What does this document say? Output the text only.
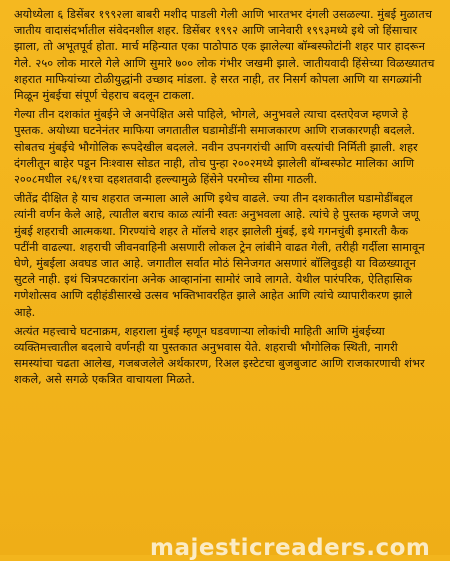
अयोध्येला ६ डिसेंबर १९९२ला बाबरी मशीद पाडली गेली आणि भारतभर दंगली उसळल्या. मुंबई मुळातच जातीय वादासंदर्भातील संवेदनशील शहर. डिसेंबर १९९२ आणि जानेवारी १९९३मध्ये इथे जो हिंसाचार झाला, तो अभूतपूर्व होता. मार्च महिन्यात एका पाठोपाठ एक झालेल्या बॉम्बस्फोटांनी शहर पार हादरून गेले. २५० लोक मारले गेले आणि सुमारे ७०० लोक गंभीर जखमी झाले. जातीयवादी हिंसेच्या विळख्यातच शहरात माफियांच्या टोळीयुद्धांनी उच्छाद मांडला. हे सरत नाही, तर निसर्ग कोपला आणि या सगळ्यांनी मिळून मुंबईचा संपूर्ण चेहराच बदलून टाकला.

गेल्या तीन दशकांत मुंबईने जे अनपेक्षित असे पाहिले, भोगले, अनुभवले त्याचा दस्तऐवज म्हणजे हे पुस्तक. अयोध्या घटनेनंतर माफिया जगतातील घडामोडींनी समाजकारण आणि राजकारणही बदलले. सोबतच मुंबईचे भौगोलिक रूपदेखील बदलले. नवीन उपनगरांची आणि वस्त्यांची निर्मिती झाली. शहर दंगलीतून बाहेर पडून निःश्वास सोडत नाही, तोच पुन्हा २००२मध्ये झालेली बॉम्बस्फोट मालिका आणि २००८मधील २६/११चा दहशतवादी हल्ल्यामुळे हिंसेने परमोच्च सीमा गाठली.

जीतेंद्र दीक्षित हे याच शहरात जन्माला आले आणि इथेच वाढले. ज्या तीन दशकातील घडामोडींबद्दल त्यांनी वर्णन केले आहे, त्यातील बराच काळ त्यांनी स्वतः अनुभवला आहे. त्यांचे हे पुस्तक म्हणजे जणू मुंबई शहराची आत्मकथा. गिरण्यांचे शहर ते मॉलचे शहर झालेली मुंबई, इथे गगनचुंबी इमारती कैक पटींनी वाढल्या. शहराची जीवनवाहिनी असणारी लोकल ट्रेन लांबीने वाढत गेली, तरीही गर्दीला सामावून घेणे, मुंबईला अवघड जात आहे. जगातील सर्वात मोठं सिनेजगत असणारं बॉलिवुडही या विळख्यातून सुटले नाही. इथं चित्रपटकारांना अनेक आव्हानांना सामोरं जावे लागते. येथील पारंपरिक, ऐतिहासिक गणेशोत्सव आणि दहीहंडीसारखे उत्सव भक्तिभावरहित झाले आहेत आणि त्यांचे व्यापारीकरण झाले आहे.

अत्यंत महत्त्वाचे घटनाक्रम, शहराला मुंबई म्हणून घडवणाऱ्या लोकांची माहिती आणि मुंबईच्या व्यक्तिमत्त्वातील बदलाचे वर्णनही या पुस्तकात अनुभवास येते. शहराची भौगोलिक स्थिती, नागरी समस्यांचा चढता आलेख, गजबजलेले अर्थकारण, रिअल इस्टेटचा बुजबुजाट आणि राजकारणाची शंभर शकले, असे सगळे एकत्रित वाचायला मिळते.

majesticreaders.com
